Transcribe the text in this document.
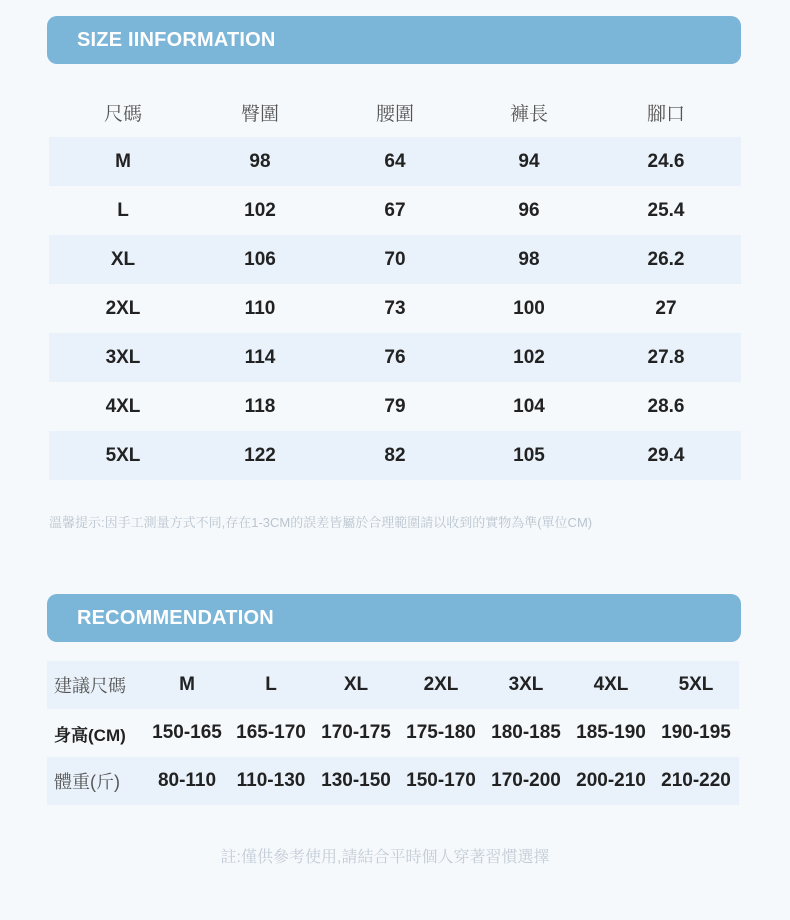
SIZE IINFORMATION
尺碼	臀圍	腰圍	褲長	腳口
M	98	64	94	24.6
L	102	67	96	25.4
XL	106	70	98	26.2
2XL	110	73	100	27
3XL	114	76	102	27.8
4XL	118	79	104	28.6
5XL	122	82	105	29.4
溫馨提示:因手工測量方式不同,存在1-3CM的誤差皆屬於合理範圍請以收到的實物為準(單位CM)
RECOMMENDATION
建議尺碼	M	L	XL	2XL	3XL	4XL	5XL
身高(CM)	150-165	165-170	170-175	175-180	180-185	185-190	190-195
體重(斤)	80-110	110-130	130-150	150-170	170-200	200-210	210-220
註:僅供參考使用,請結合平時個人穿著習慣選擇
